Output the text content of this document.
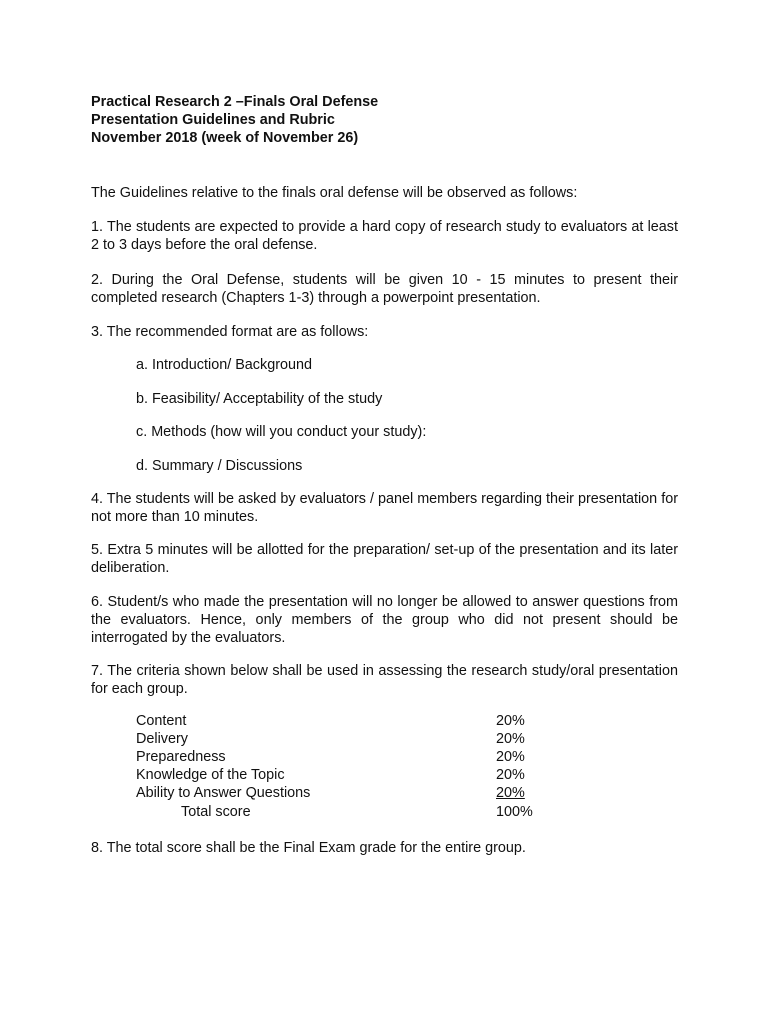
Practical Research 2 –Finals Oral Defense
Presentation Guidelines and Rubric
November 2018 (week of November 26)
The Guidelines relative to the finals oral defense will be observed as follows:
1. The students are expected to provide a hard copy of research study to evaluators at least 2 to 3 days before the oral defense.
2. During the Oral Defense, students will be given 10 - 15 minutes to present their completed research (Chapters 1-3) through a powerpoint presentation.
3. The recommended format are as follows:
a. Introduction/ Background
b. Feasibility/ Acceptability of the study
c. Methods (how will you conduct your study):
d. Summary / Discussions
4. The students will be asked by evaluators / panel members regarding their presentation for not more than 10 minutes.
5. Extra 5 minutes will be allotted for the preparation/ set-up of the presentation and its later deliberation.
6. Student/s who made the presentation will no longer be allowed to answer questions from the evaluators. Hence, only members of the group who did not present should be interrogated by the evaluators.
7. The criteria shown below shall be used in assessing the research study/oral presentation for each group.
Content	20%
Delivery	20%
Preparedness	20%
Knowledge of the Topic	20%
Ability to Answer Questions	20%
Total score	100%
8. The total score shall be the Final Exam grade for the entire group.
